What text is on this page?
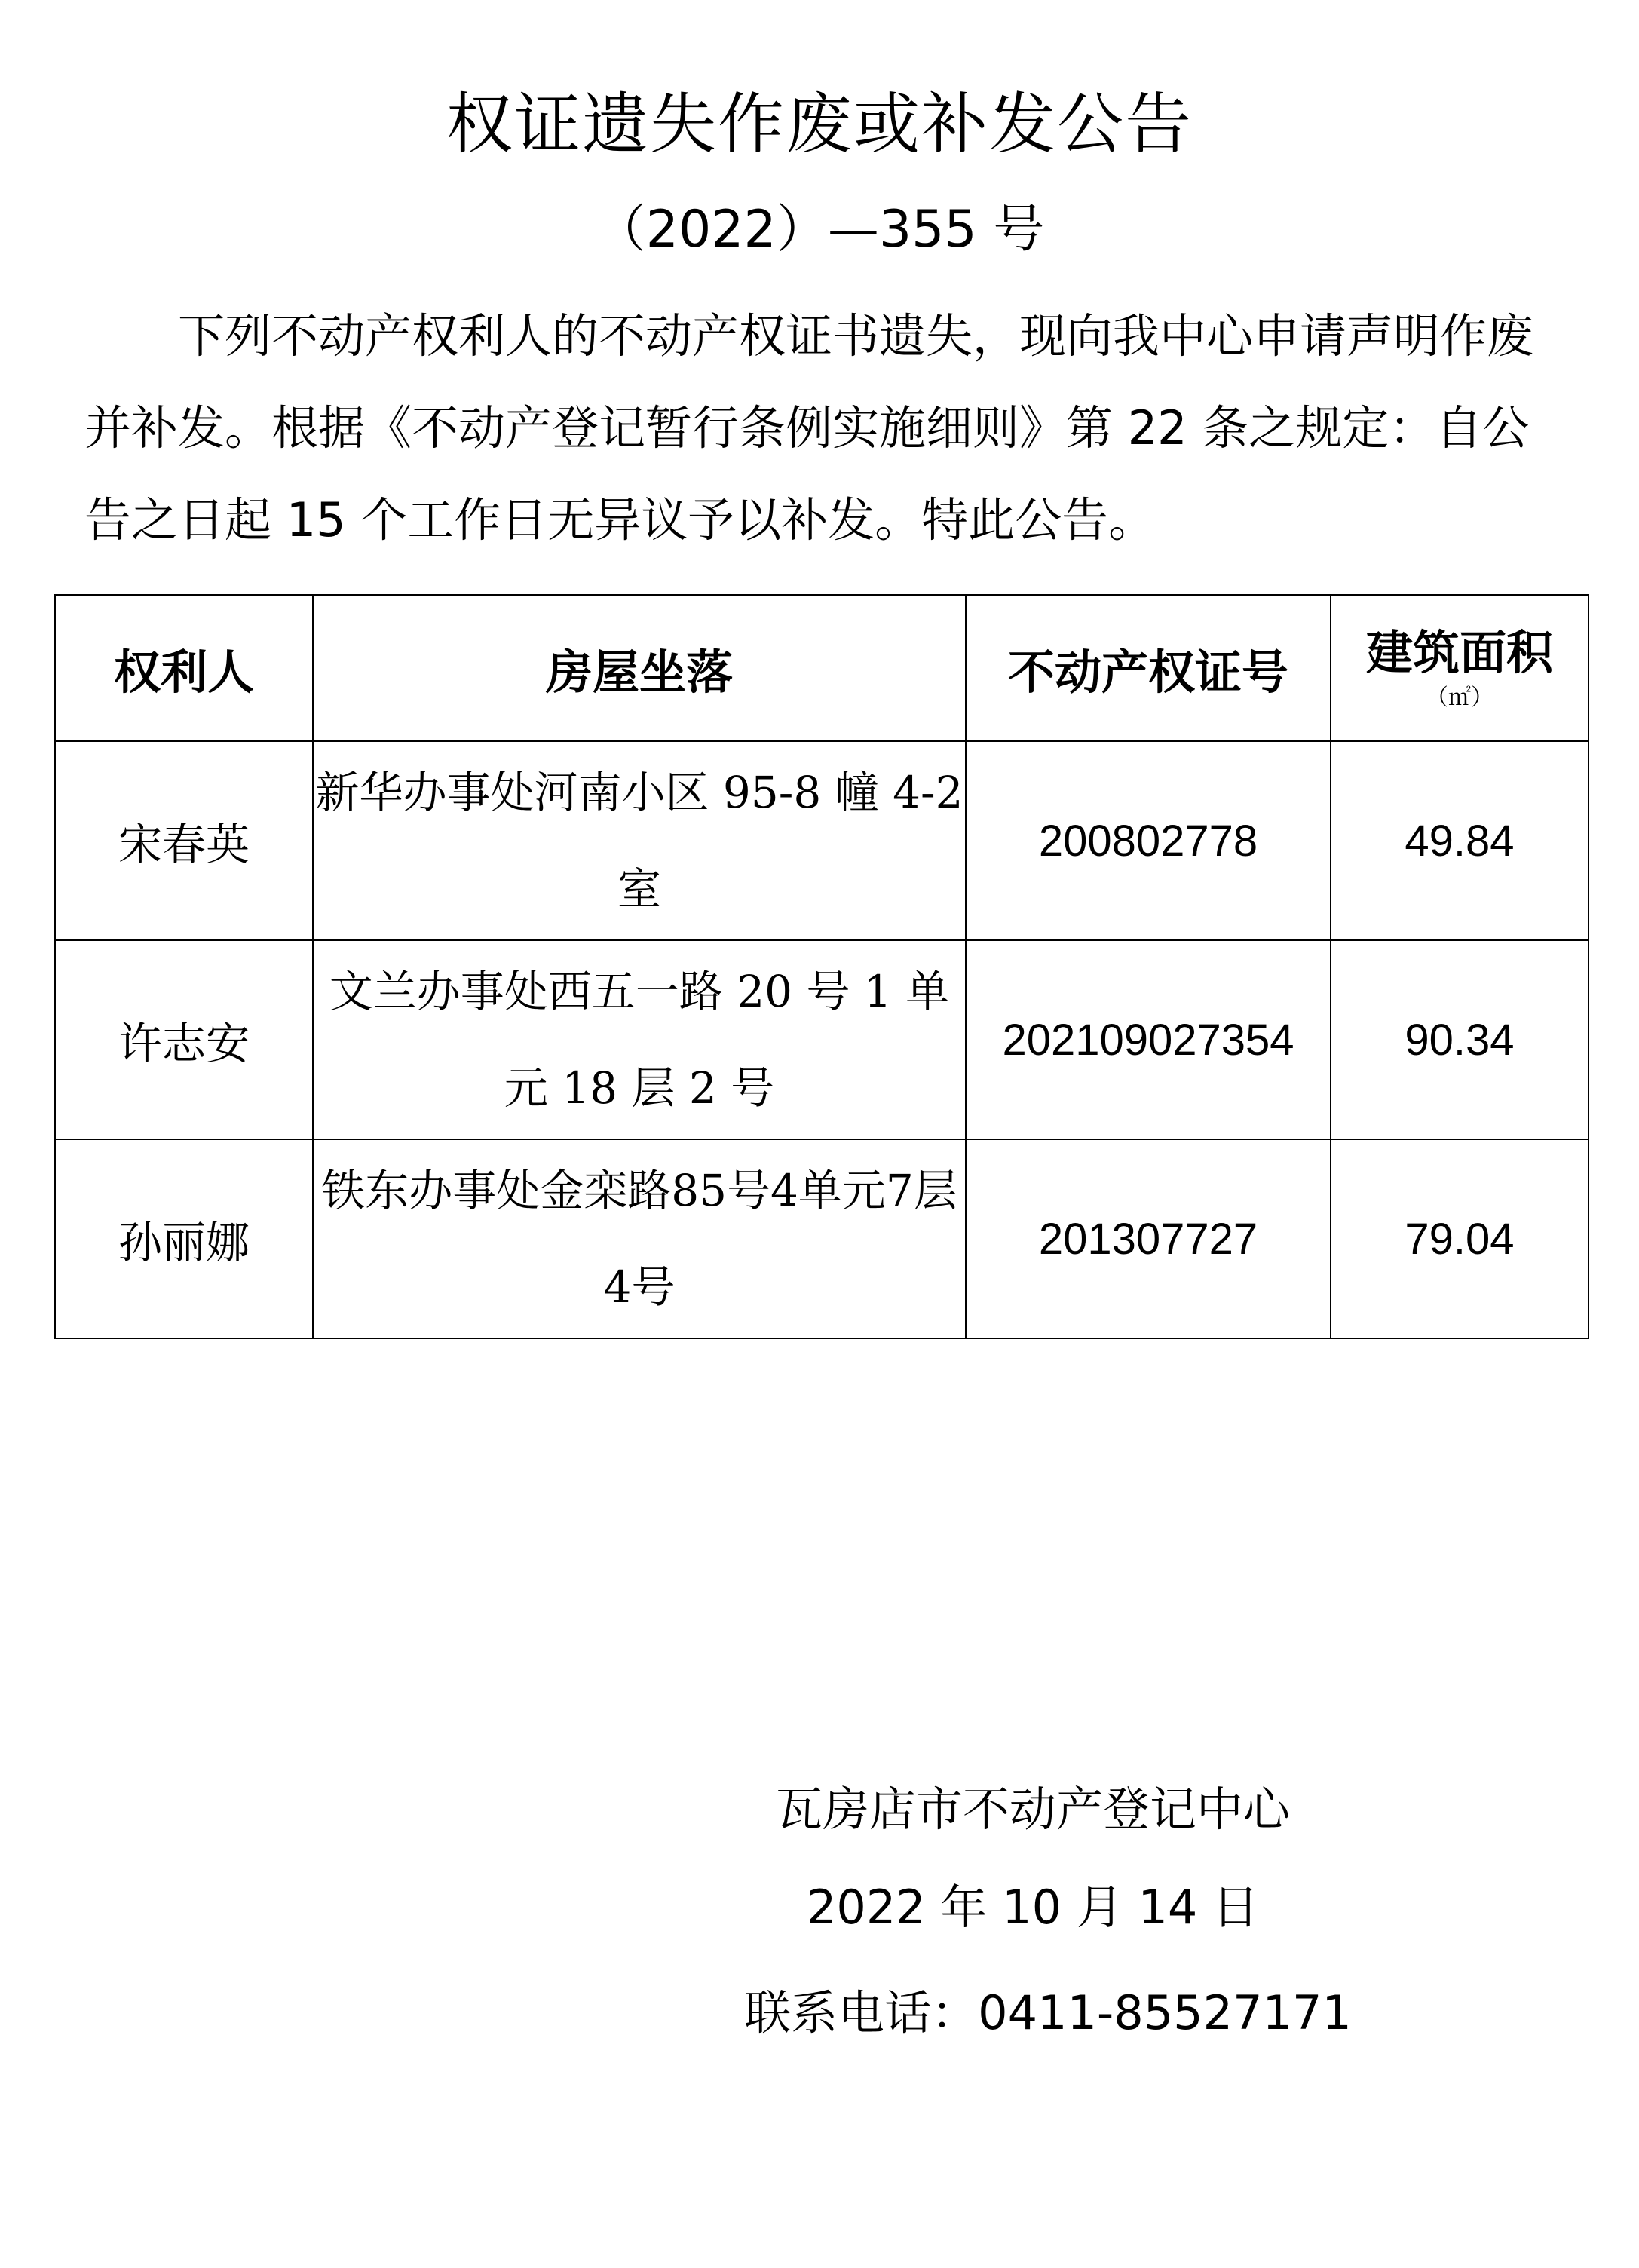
权证遗失作废或补发公告
（2022）—355 号

下列不动产权利人的不动产权证书遗失，现向我中心申请声明作废并补发。根据《不动产登记暂行条例实施细则》第 22 条之规定：自公告之日起 15 个工作日无异议予以补发。特此公告。

权利人	房屋坐落	不动产权证号	建筑面积
（㎡）

宋春英	新华办事处河南小区 95-8 幢 4-2 室	200802778	49.84
许志安	文兰办事处西五一路 20 号 1 单元 18 层 2 号	202109027354	90.34
孙丽娜	铁东办事处金栾路85号4单元7层4号	201307727	79.04
瓦房店市不动产登记中心
2022 年 10 月 14 日
联系电话：0411-85527171
